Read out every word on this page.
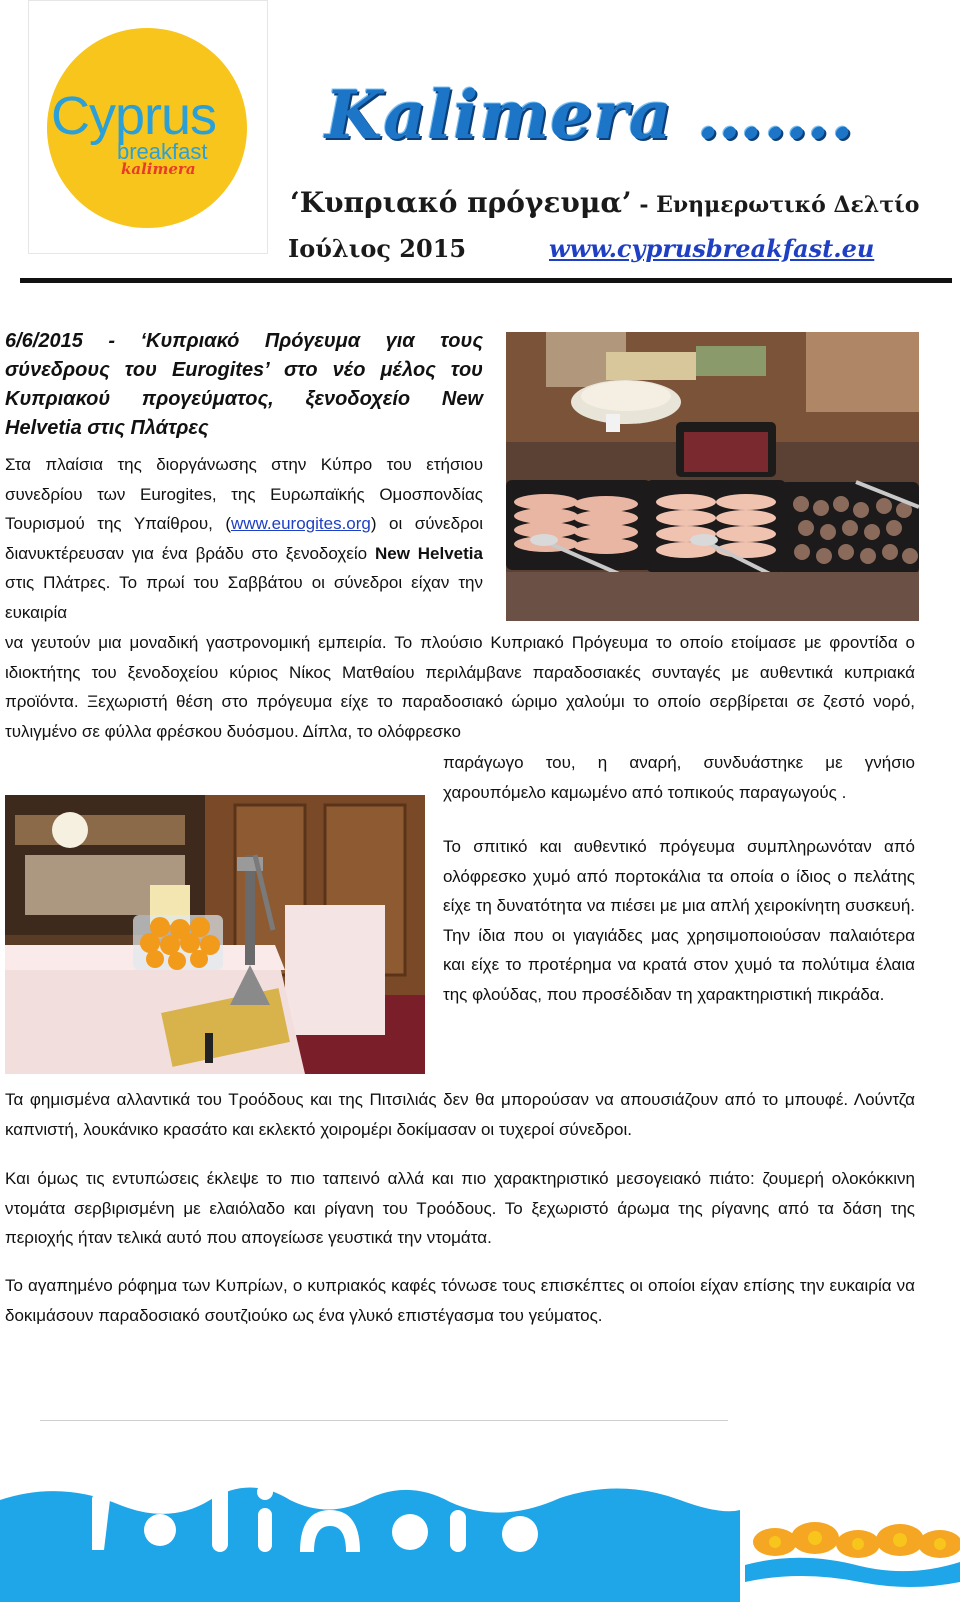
Cyprus
breakfast
kalimera
Kalimera …….
‘Κυπριακό πρόγευμα’ - Ενημερωτικό Δελτίο
Ιούλιος 2015	www.cyprusbreakfast.eu
6/6/2015 - ‘Κυπριακό Πρόγευμα για τους σύνεδρους του Eurogites’ στο νέο μέλος του Κυπριακού προγεύματος, ξενοδοχείο New Helvetia στις Πλάτρες
Στα πλαίσια της διοργάνωσης στην Κύπρο του ετήσιου συνεδρίου των Eurogites, της Ευρωπαϊκής Ομοσπονδίας Τουρισμού της Υπαίθρου, (www.eurogites.org) οι σύνεδροι διανυκτέρευσαν για ένα βράδυ στο ξενοδοχείο New Helvetia στις Πλάτρες. Το πρωί του Σαββάτου οι σύνεδροι είχαν την ευκαιρία
να γευτούν μια μοναδική γαστρονομική εμπειρία. Το πλούσιο Κυπριακό Πρόγευμα το οποίο ετοίμασε με φροντίδα ο ιδιοκτήτης του ξενοδοχείου κύριος Νίκος Ματθαίου περιλάμβανε παραδοσιακές συνταγές με αυθεντικά κυπριακά προϊόντα. Ξεχωριστή θέση στο πρόγευμα είχε το παραδοσιακό ώριμο χαλούμι το οποίο σερβίρεται σε ζεστό νορό, τυλιγμένο σε φύλλα φρέσκου δυόσμου. Δίπλα, το ολόφρεσκο
παράγωγο του, η αναρή, συνδυάστηκε με γνήσιο χαρουπόμελο καμωμένο από τοπικούς παραγωγούς .
Το σπιτικό και αυθεντικό πρόγευμα συμπληρωνόταν από ολόφρεσκο χυμό από πορτοκάλια τα οποία ο ίδιος ο πελάτης είχε τη δυνατότητα να πιέσει με μια απλή χειροκίνητη συσκευή. Την ίδια που οι γιαγιάδες μας χρησιμοποιούσαν παλαιότερα και είχε το προτέρημα να κρατά στον χυμό τα πολύτιμα έλαια της φλούδας, που προσέδιδαν τη χαρακτηριστική πικράδα.
Τα φημισμένα αλλαντικά του Τροόδους και της Πιτσιλιάς δεν θα μπορούσαν να απουσιάζουν από το μπουφέ. Λούντζα καπνιστή, λουκάνικο κρασάτο και εκλεκτό χοιρομέρι δοκίμασαν οι τυχεροί σύνεδροι.
Και όμως τις εντυπώσεις έκλεψε το πιο ταπεινό αλλά και πιο χαρακτηριστικό μεσογειακό πιάτο: ζουμερή ολοκόκκινη ντομάτα σερβιρισμένη με ελαιόλαδο και ρίγανη του Τροόδους. Το ξεχωριστό άρωμα της ρίγανης από τα δάση της περιοχής ήταν τελικά αυτό που απογείωσε γευστικά την ντομάτα.
Το αγαπημένο ρόφημα των Κυπρίων, ο κυπριακός καφές τόνωσε τους επισκέπτες οι οποίοι είχαν επίσης την ευκαιρία να δοκιμάσουν παραδοσιακό σουτζιούκο ως ένα γλυκό επιστέγασμα του γεύματος.
